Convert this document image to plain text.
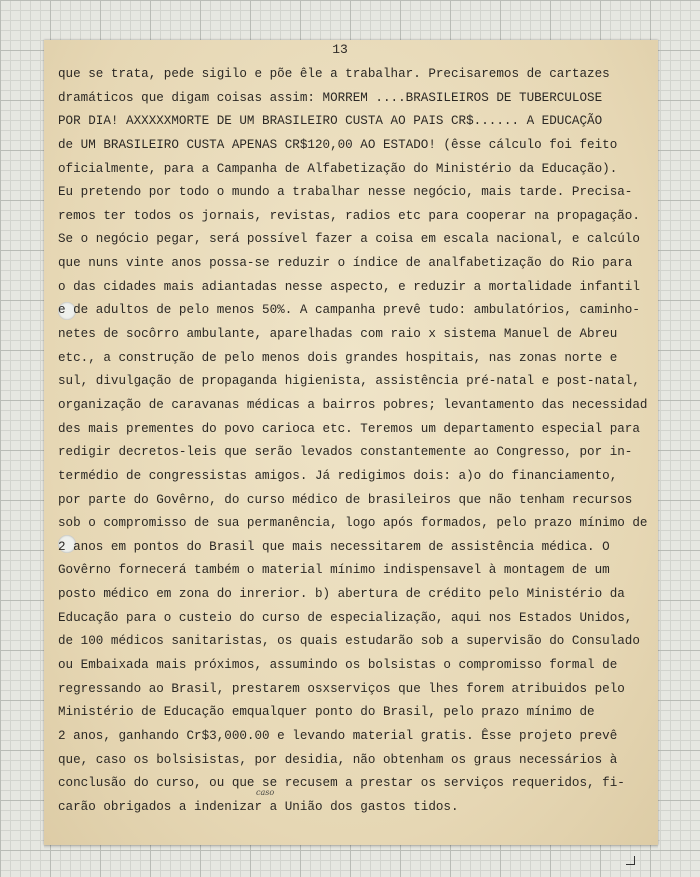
13
que se trata, pede sigilo e põe êle a trabalhar. Precisaremos de cartazes
dramáticos que digam coisas assim: MORREM ....BRASILEIROS DE TUBERCULOSE
POR DIA! AXXXXXMORTE DE UM BRASILEIRO CUSTA AO PAIS CR$...... A EDUCAÇÃO
de UM BRASILEIRO CUSTA APENAS CR$120,00 AO ESTADO! (êsse cálculo foi feito
oficialmente, para a Campanha de Alfabetização do Ministério da Educação).
Eu pretendo por todo o mundo a trabalhar nesse negócio, mais tarde. Precisa-
remos ter todos os jornais, revistas, radios etc para cooperar na propagação.
Se o negócio pegar, será possível fazer a coisa em escala nacional, e calcúlo
que nuns vinte anos possa-se reduzir o índice de analfabetização do Rio para
o das cidades mais adiantadas nesse aspecto, e reduzir a mortalidade infantil
e de adultos de pelo menos 50%. A campanha prevê tudo: ambulatórios, caminho-
netes de socôrro ambulante, aparelhadas com raio x sistema Manuel de Abreu
etc., a construção de pelo menos dois grandes hospitais, nas zonas norte e
sul, divulgação de propaganda higienista, assistência pré-natal e post-natal,
organização de caravanas médicas a bairros pobres; levantamento das necessidad
des mais prementes do povo carioca etc. Teremos um departamento especial para
redigir decretos-leis que serão levados constantemente ao Congresso, por in-
termédio de congressistas amigos. Já redigimos dois: a)o do financiamento,
por parte do Govêrno, do curso médico de brasileiros que não tenham recursos
sob o compromisso de sua permanência, logo após formados, pelo prazo mínimo de
2 anos em pontos do Brasil que mais necessitarem de assistência médica. O
Govêrno fornecerá também o material mínimo indispensavel à montagem de um
posto médico em zona do inrerior. b) abertura de crédito pelo Ministério da
Educação para o custeio do curso de especialização, aqui nos Estados Unidos,
de 100 médicos sanitaristas, os quais estudarão sob a supervisão do Consulado
ou Embaixada mais próximos, assumindo os bolsistas o compromisso formal de
regressando ao Brasil, prestarem osxserviços que lhes forem atribuidos pelo
Ministério de Educação emqualquer ponto do Brasil, pelo prazo mínimo de
2 anos, ganhando Cr$3,000.00 e levando material gratis. Êsse projeto prevê
que, caso os bolsisistas, por desidia, não obtenham os graus necessários à
conclusão do curso, ou que se recusem a prestar os serviços requeridos, fi-
carão obrigados a indenizar a União dos gastos tidos.
caso
